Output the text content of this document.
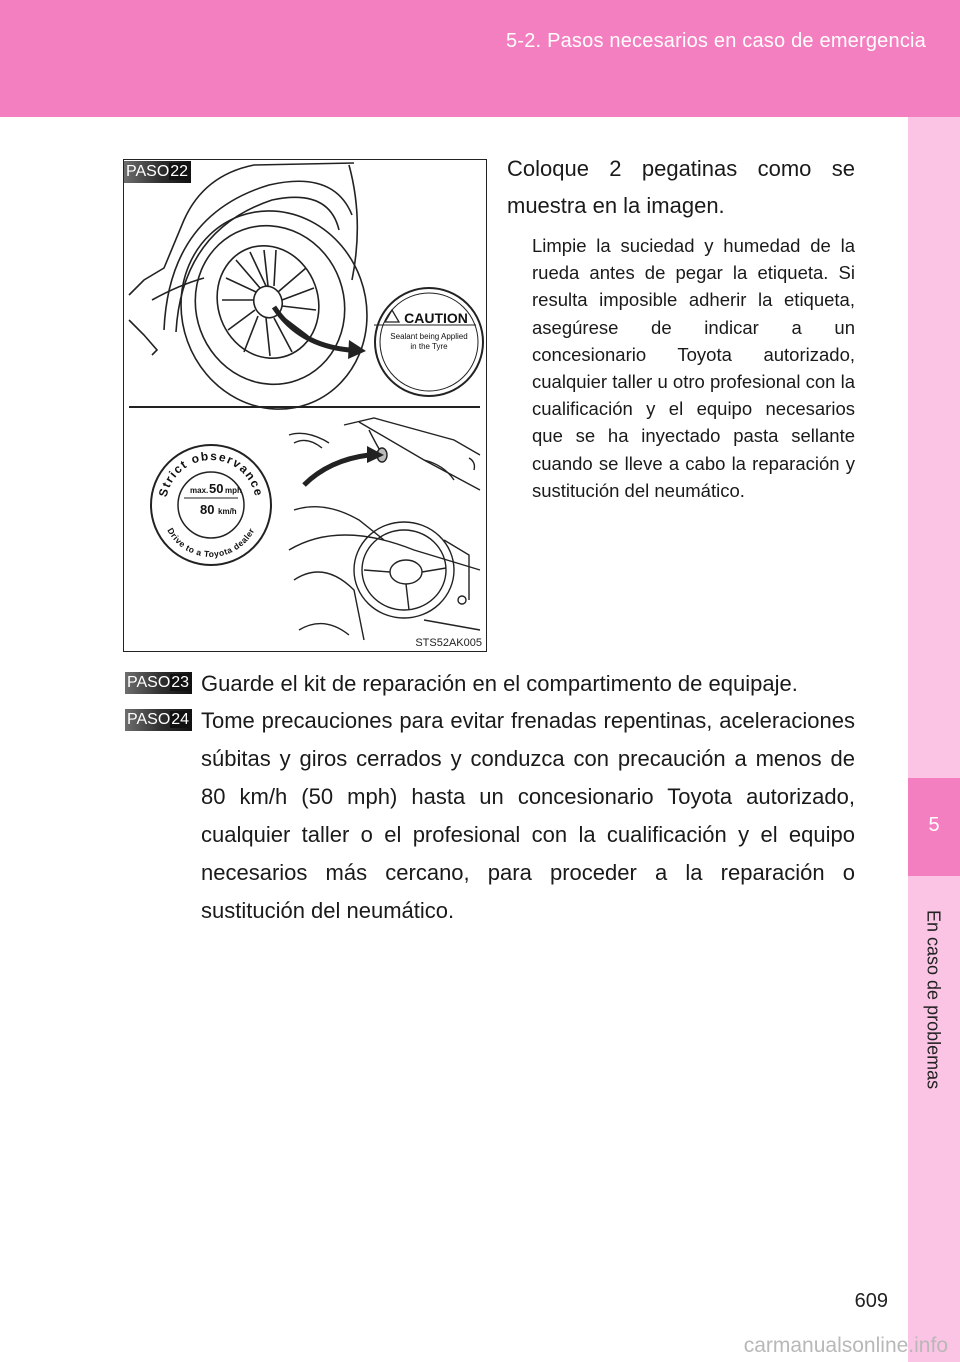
5-2. Pasos necesarios en caso de emergencia
5
En caso de problemas
CAUTION
Sealant being Applied
in the Tyre
Strict observance
Drive to a Toyota dealer
max. 50 mph
80 km/h
STS52AK005
PASO22	Coloque 2 pegatinas como se muestra en la imagen.
Limpie la suciedad y humedad de la rueda antes de pegar la etiqueta. Si resulta imposible adherir la etiqueta, asegúrese de indicar a un concesionario Toyota autorizado, cualquier taller u otro profesional con la cualificación y el equipo necesarios que se ha inyectado pasta sellante cuando se lleve a cabo la reparación y sustitución del neumático.
PASO23 Guarde el kit de reparación en el compartimento de equipaje.
PASO24 Tome precauciones para evitar frenadas repentinas, aceleraciones súbitas y giros cerrados y conduzca con precaución a menos de 80 km/h (50 mph) hasta un concesionario Toyota autorizado, cualquier taller o el profesional con la cualificación y el equipo necesarios más cercano, para proceder a la reparación o sustitución del neumático.
609
carmanualsonline.info
